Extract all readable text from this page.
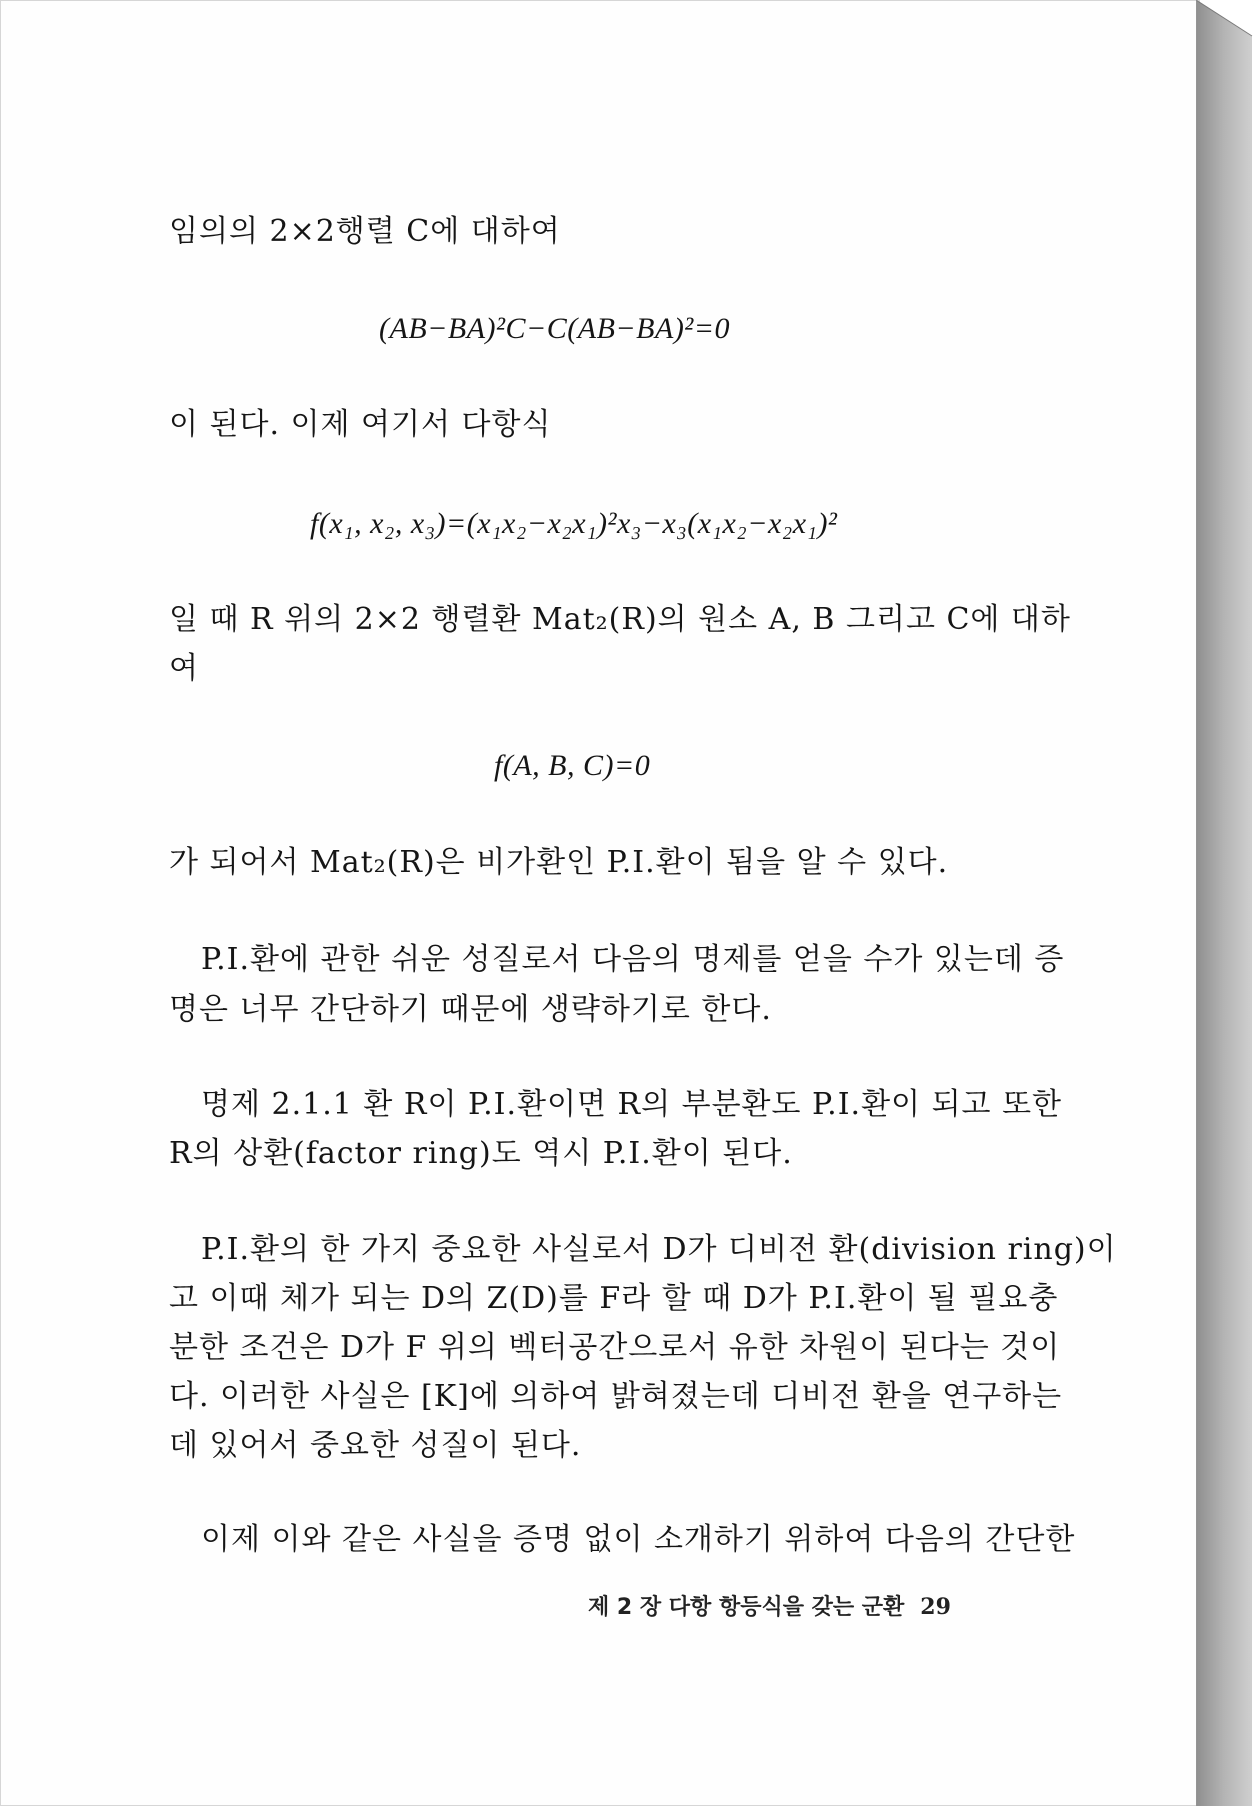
임의의 2×2행렬 C에 대하여
(AB−BA)²C−C(AB−BA)²=0
이 된다. 이제 여기서 다항식
f(x₁, x₂, x₃)=(x₁x₂−x₂x₁)²x₃−x₃(x₁x₂−x₂x₁)²
일 때 R 위의 2×2 행렬환 Mat₂(R)의 원소 A, B 그리고 C에 대하
여
f(A, B, C)=0
가 되어서 Mat₂(R)은 비가환인 P.I.환이 됨을 알 수 있다.
P.I.환에 관한 쉬운 성질로서 다음의 명제를 얻을 수가 있는데 증
명은 너무 간단하기 때문에 생략하기로 한다.
명제 2.1.1 환 R이 P.I.환이면 R의 부분환도 P.I.환이 되고 또한
R의 상환(factor ring)도 역시 P.I.환이 된다.
P.I.환의 한 가지 중요한 사실로서 D가 디비전 환(division ring)이
고 이때 체가 되는 D의 Z(D)를 F라 할 때 D가 P.I.환이 될 필요충
분한 조건은 D가 F 위의 벡터공간으로서 유한 차원이 된다는 것이
다. 이러한 사실은 [K]에 의하여 밝혀졌는데 디비전 환을 연구하는
데 있어서 중요한 성질이 된다.
이제 이와 같은 사실을 증명 없이 소개하기 위하여 다음의 간단한
제 2 장 다항 항등식을 갖는 군환 29
